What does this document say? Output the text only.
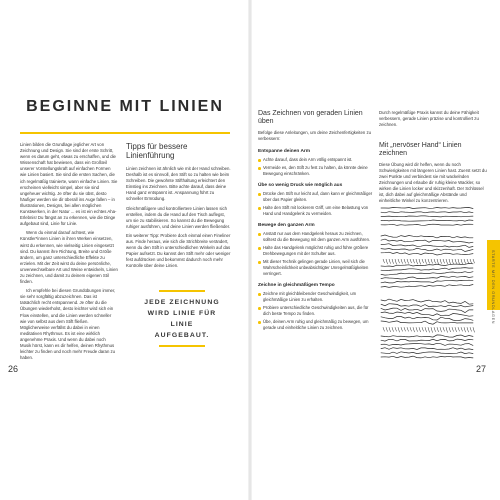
BEGINNE MIT LINIEN

Linien bilden die Grundlage jeglicher Art von Zeichnung und Design. Sie sind der erste Schritt, wenn es darum geht, etwas zu erschaffen, und die Wissenschaft hat bewiesen, dass ein Großteil unserer Vorstellungskraft auf einfachen Formen wie Linien basiert. Sie sind die ersten Sachen, die ich regelmäßig trainierte, wann einfache Linien. Sie erscheinen vielleicht simpel, aber sie sind ungeheuer wichtig. Je öfter du sie übst, desto häufiger werden sie dir überall ins Auge fallen – in Illustrationen, Designs, bei allen möglichen Kunstwerken, in der Natur ... es ist ein echtes Aha-Erlebnis! Du fängst an zu erkennen, wie die Dinge aufgebaut sind, Linie für Linie.

Wenn du einmal darauf achtest, wie Künstler*innen Linien in ihren Werken einsetzen, wirst du erkennen, wie vielseitig Linien eingesetzt sind. Du kannst ihre Richtung, Breite und Größe ändern, um ganz unterschiedliche Effekte zu erzielen. Mit der Zeit wirst du deine persönliche, unverwechselbare Art und Weise entwickeln, Linien zu zeichnen, und damit zu deinem eigenen Stil finden.

Ich empfehle bei diesen Grundübungen immer, sie sehr sorgfältig abzuzeichnen. Das ist tatsächlich recht entspannend. Je öfter du die Übungen wiederholst, desto leichter wird sich ein Flow einstellen, und die Linien werden schneller wie von selbst aus dem Stift fließen. Möglicherweise verfällst du dabei in einen meditativen Rhythmus. Es ist eine wirklich angenehme Praxis. Und wenn du dabei noch Musik hörst, kann es dir helfen, deinen Rhythmus leichter zu finden und noch mehr Freude daran zu haben.

Tipps für bessere Linienführung

Linien zeichnen ist ähnlich wie mit der Hand schreiben. Deshalb ist es sinnvoll, den Stift so zu halten wie beim Schreiben. Die gewohnte Stifthaltung erleichtert den Einstieg ins Zeichnen. Bitte achte darauf, dass deine Hand ganz entspannt ist. Anspannung führt zu schneller Ermüdung.

Gleichmäßigere und kontrolliertere Linien lassen sich erstellen, indem du die Hand auf den Tisch auflegst, um sie zu stabilisieren. So kannst du die Bewegung ruhiger ausführen, und deine Linien werden fließender.

Ein weiterer Tipp: Probiere doch einmal einen Fineliner aus. Finde heraus, wie sich die Strichbreite verändert, wenn du den Stift in unterschiedlichen Winkeln auf das Papier aufsetzt. Du kannst den Stift mehr oder weniger fest aufdrücken und bekommst dadurch noch mehr Kontrolle über deine Linien.

JEDE ZEICHNUNG
WIRD LINIE FÜR LINIE
AUFGEBAUT.
26
Das Zeichnen von geraden Linien üben
Befolge diese Anleitungen, um deine Zeichenfertigkeiten zu verbessern:
Entspanne deinen Arm
Achte darauf, dass dein Arm völlig entspannt ist.
Vermeide es, den Stift zu fest zu halten, da könnte deine Bewegung einschränken.
Übe so wenig Druck wie möglich aus
Drücke den Stift nur leicht auf, dann kann er gleichmäßiger über das Papier gleiten.
Halte den Stift mit lockerem Griff, um eine Belastung von Hand und Handgelenk zu vermeiden.
Bewege den ganzen Arm
Anstatt nur aus dem Handgelenk heraus zu zeichnen, solltest du die Bewegung mit dem ganzen Arm ausführen.
Halte das Handgelenk möglichst ruhig und führe größere Drehbewegungen mit der Schulter aus.
Mit dieser Technik gelingen gerade Linien, weil sich die Wahrscheinlichkeit unbeabsichtigter Unregelmäßigkeiten verringert.
Zeichne in gleichmäßigem Tempo
Zeichne mit gleichbleibender Geschwindigkeit, um gleichmäßige Linien zu erhalten.
Probiere unterschiedliche Geschwindigkeiten aus, die für dich beste Tempo zu finden.
Übe, deinen Arm ruhig und gleichmäßig zu bewegen, um gerade und einheitliche Linien zu zeichnen.
Durch regelmäßige Praxis kannst du deine Fähigkeit verbessern, gerade Linien präzise und kontrolliert zu zeichnen.
Mit „nervöser Hand“ Linien zeichnen
Diese Übung wird dir helfen, wenn du noch Schwierigkeiten mit längeren Linien hast. Zuerst setzt du zwei Punkte und verbindest sie mit wackelnden Zeichnungen und erlaube dir ruhig kleine Wackler, so wirken die Linien locker und skizzenhaft. Der Schlüssel ist, dich dabei auf gleichmäßige Abstände und einheitliche Winkel zu konzentrieren.
STARTE MIT DEN GRUNDLAGEN
27
